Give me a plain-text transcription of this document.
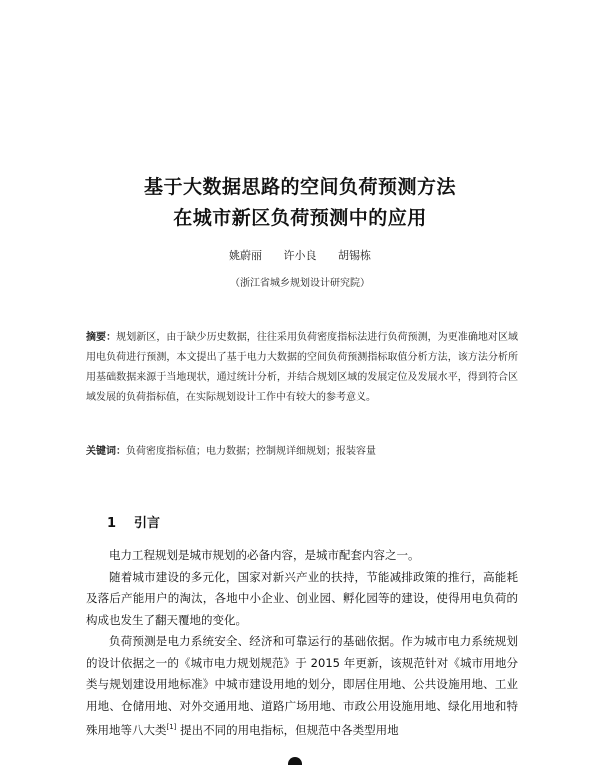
基于大数据思路的空间负荷预测方法
在城市新区负荷预测中的应用
姚蔚丽 许小良 胡锡栋
（浙江省城乡规划设计研究院）
摘要：规划新区，由于缺少历史数据，往往采用负荷密度指标法进行负荷预测，为更准确地对区域用电负荷进行预测，本文提出了基于电力大数据的空间负荷预测指标取值分析方法，该方法分析所用基础数据来源于当地现状，通过统计分析，并结合规划区域的发展定位及发展水平，得到符合区域发展的负荷指标值，在实际规划设计工作中有较大的参考意义。
关键词：负荷密度指标值；电力数据；控制规详细规划；报装容量
1 引言

电力工程规划是城市规划的必备内容，是城市配套内容之一。

随着城市建设的多元化，国家对新兴产业的扶持，节能减排政策的推行，高能耗及落后产能用户的淘汰，各地中小企业、创业园、孵化园等的建设，使得用电负荷的构成也发生了翻天覆地的变化。

负荷预测是电力系统安全、经济和可靠运行的基础依据。作为城市电力系统规划的设计依据之一的《城市电力规划规范》于 2015 年更新，该规范针对《城市用地分类与规划建设用地标准》中城市建设用地的划分，即居住用地、公共设施用地、工业用地、仓储用地、对外交通用地、道路广场用地、市政公用设施用地、绿化用地和特殊用地等八大类[1] 提出不同的用电指标，但规范中各类型用地
